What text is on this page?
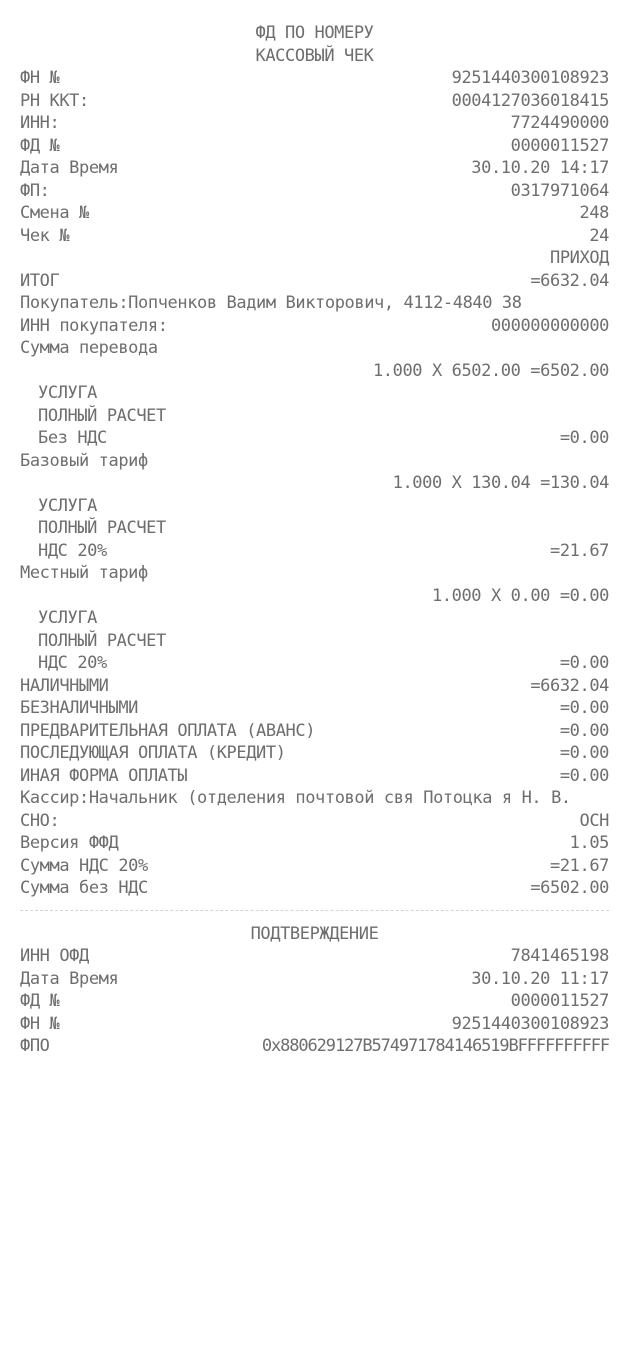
ФД ПО НОМЕРУ
КАССОВЫЙ ЧЕК
ФН №	9251440300108923
РН ККТ:	0004127036018415
ИНН:	7724490000
ФД №	0000011527
Дата Время	30.10.20 14:17
ФП:	0317971064
Смена №	248
Чек №	24
ПРИХОД
ИТОГ	=6632.04
Покупатель:Попченков Вадим Викторович, 4112-4840 38
ИНН покупателя:	000000000000
Сумма перевода
1.000 X 6502.00 =6502.00
УСЛУГА
ПОЛНЫЙ РАСЧЕТ
Без НДС	=0.00
Базовый тариф
1.000 X 130.04 =130.04
УСЛУГА
ПОЛНЫЙ РАСЧЕТ
НДС 20%	=21.67
Местный тариф
1.000 X 0.00 =0.00
УСЛУГА
ПОЛНЫЙ РАСЧЕТ
НДС 20%	=0.00
НАЛИЧНЫМИ	=6632.04
БЕЗНАЛИЧНЫМИ	=0.00
ПРЕДВАРИТЕЛЬНАЯ ОПЛАТА (АВАНС)	=0.00
ПОСЛЕДУЮЩАЯ ОПЛАТА (КРЕДИТ)	=0.00
ИНАЯ ФОРМА ОПЛАТЫ	=0.00
Кассир:Начальник (отделения почтовой свя Потоцка я Н. В.
СНО:	ОСН
Версия ФФД	1.05
Сумма НДС 20%	=21.67
Сумма без НДС	=6502.00
ПОДТВЕРЖДЕНИЕ
ИНН ОФД	7841465198
Дата Время	30.10.20 11:17
ФД №	0000011527
ФН №	9251440300108923
ФПО	0x880629127B574971784146519BFFFFFFFFFF
